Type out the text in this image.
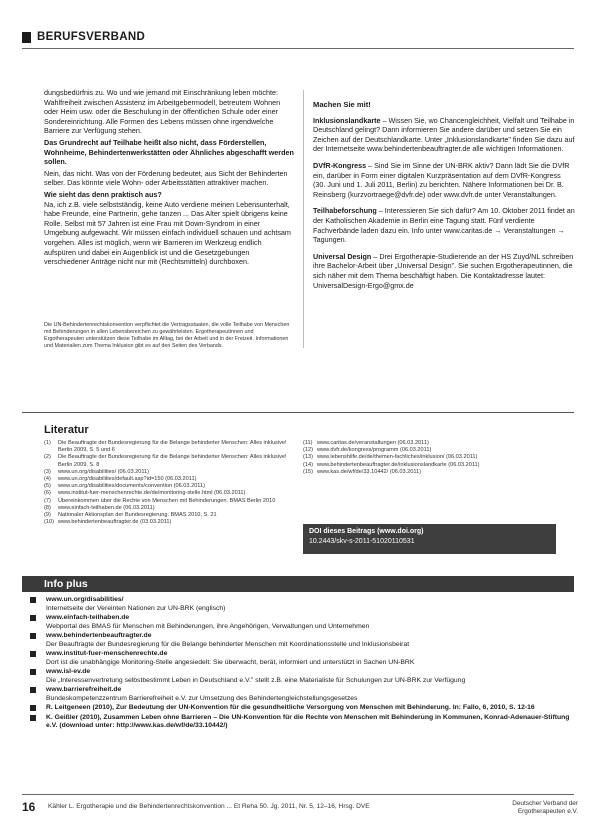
BERUFSVERBAND

dungsbedürfnis zu. Wo und wie jemand mit Einschränkung leben möchte: Wahlfreiheit zwischen Assistenz im Arbeitgebermodell, betreutem Wohnen oder Heim usw. oder die Beschulung in der öffentlichen Schule oder einer Sondereinrichtung. Alle Formen des Lebens müssen ohne irgendwelche Barriere zur Verfügung stehen.

Das Grundrecht auf Teilhabe heißt also nicht, dass Förderstellen, Wohnheime, Behindertenwerkstätten oder Ähnliches abgeschafft werden sollen.

Nein, das nicht. Was von der Förderung bedeutet, aus Sicht der Behinderten selber. Das könnte viele Wohn- oder Arbeitsstätten attraktiver machen.

Wie sieht das denn praktisch aus?

Na, ich z.B. viele selbstständig, keine Auto verdiene meinen Lebensunterhalt, habe Freunde, eine Partnerin, gehe tanzen ... Das Alter spielt übrigens keine Rolle. Selbst mit 57 Jahren ist eine Frau mit Down-Syndrom in einer Umgebung aufgewacht. Wir müssen einfach individuell schauen und achtsam vorgehen. Alles ist möglich, wenn wir Barrieren im Werkzeug endlich aufspüren und dabei ein Augenblick ist und die Gesetzgebungen verschiedener Anträge nicht nur mit (Rechtsmitteln) durchboxen.

Die UN-Behindertenrechtskonvention verpflichtet die Vertragsstaaten, die volle Teilhabe von Menschen mit Behinderungen in allen Lebensbereichen zu gewährleisten. Ergotherapeutinnen und Ergotherapeuten unterstützen diese Teilhabe im Alltag, bei der Arbeit und in der Freizeit. Informationen und Materialien zum Thema Inklusion gibt es auf den Seiten des Verbands.
Machen Sie mit!

Inklusionslandkarte – Wissen Sie, wo Chancengleichheit, Vielfalt und Teilhabe in Deutschland gelingt? Dann informieren Sie andere darüber und setzen Sie ein Zeichen auf der Deutschlandkarte. Unter „Inklusionslandkarte" finden Sie dazu auf der Internetseite www.behindertenbeauftragter.de alle wichtigen Informationen.

DVfR-Kongress – Sind Sie im Sinne der UN-BRK aktiv? Dann lädt Sie die DVfR ein, darüber in Form einer digitalen Kurzpräsentation auf dem DVfR-Kongress (30. Juni und 1. Juli 2011, Berlin) zu berichten. Nähere Informationen bei Dr. B. Reinsberg (kurzvortraege@dvfr.de) oder www.dvfr.de unter Veranstaltungen.

Teilhabeforschung – Interessieren Sie sich dafür? Am 10. Oktober 2011 findet an der Katholischen Akademie in Berlin eine Tagung statt. Fünf verdiente Fachverbände laden dazu ein. Info unter www.caritas.de → Veranstaltungen → Tagungen.

Universal Design – Drei Ergotherapie-Studierende an der HS Zuyd/NL schreiben ihre Bachelor-Arbeit über „Universal Design". Sie suchen Ergotherapeutinnen, die sich näher mit dem Thema beschäftigt haben. Die Kontaktadresse lautet: UniversalDesign-Ergo@gmx.de

Literatur
(1)	Die Beauftragte der Bundesregierung für die Belange behinderter Menschen: Alles inklusive! Berlin 2009, S. 5 und 6
(2)	Die Beauftragte der Bundesregierung für die Belange behinderter Menschen: Alles inklusive! Berlin 2009, S. 8
(3)	www.un.org/disabilities/ (06.03.2011)
(4)	www.un.org/disabilities/default.asp?id=150 (06.03.2011)
(5)	www.un.org/disabilities/documents/convention (06.03.2011)
(6)	www.institut-fuer-menschenrechte.de/de/monitoring-stelle.html (06.03.2011)
(7)	Übereinkommen über die Rechte von Menschen mit Behinderungen. BMAS Berlin 2010
(8)	www.einfach-teilhaben.de (06.03.2011)
(9)	Nationaler Aktionsplan der Bundesregierung. BMAS 2010, S. 21
(10) www.behindertenbeauftragter.de (03.03.2011)
(11) www.caritas.de/veranstaltungen (06.03.2011)
(12) www.dvfr.de/kongress/programm (06.03.2011)
(13) www.lebenshilfe.de/de/themen-fachliches/inklusion/ (06.03.2011)
(14) www.behindertenbeauftragter.de/inklusionslandkarte (06.03.2011)
(15) www.kas.de/wf/de/33.10442/ (06.03.2011)
DOI dieses Beitrags (www.doi.org)
10.2443/skv-s-2011-51020110531
Info plus
www.un.org/disabilities/
Internetseite der Vereinten Nationen zur UN-BRK (englisch)
www.einfach-teilhaben.de
Webportal des BMAS für Menschen mit Behinderungen, ihre Angehörigen, Verwaltungen und Unternehmen
www.behindertenbeauftragter.de
Der Beauftragte der Bundesregierung für die Belange behinderter Menschen mit Koordinationsstelle und Inklusionsbeirat
www.institut-fuer-menschenrechte.de
Dort ist die unabhängige Monitoring-Stelle angesiedelt: Sie überwacht, berät, informiert und unterstützt in Sachen UN-BRK
www.isl-ev.de
Die „Interessenvertretung selbstbestimmt Leben in Deutschland e.V." stellt z.B. eine Materialiste für Schulungen zur UN-BRK zur Verfügung
www.barrierefreiheit.de
Bundeskompetenzzentrum Barrierefreiheit e.V. zur Umsetzung des Behindertengleichstellungsgesetzes
R. Leitgeneen (2010), Zur Bedeutung der UN-Konvention für die gesundheitliche Versorgung von Menschen mit Behinderung. In: Fallo, 6, 2010, S. 12-16
K. Geißler (2010), Zusammen Leben ohne Barrieren – Die UN-Konvention für die Rechte von Menschen mit Behinderung in Kommunen, Konrad-Adenauer-Stiftung e.V. (download unter: http://www.kas.de/wf/de/33.10442/)
16 Kähler L. Ergotherapie und die Behindertenrechtskonvention ... Et Reha 50. Jg. 2011, Nr. 5, 12–16, Hrsg. DVE	Deutscher Verband der
Ergotherapeuten e.V.
